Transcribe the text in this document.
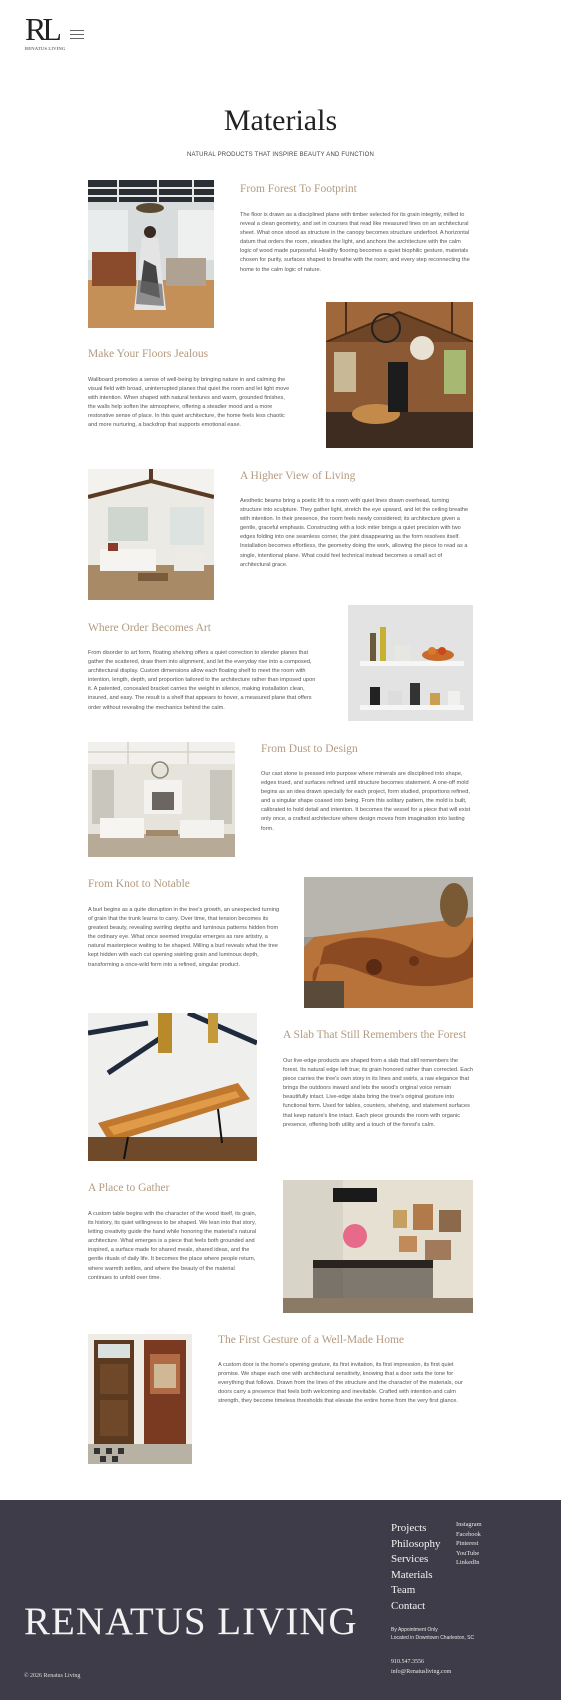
RL
RENATUS LIVING
Materials
NATURAL PRODUCTS THAT INSPIRE BEAUTY AND FUNCTION
From Forest To Footprint

The floor is drawn as a disciplined plane with timber selected for its grain integrity, milled to reveal a clean geometry, and set in courses that read like measured lines on an architectural sheet. What once stood as structure in the canopy becomes structure underfoot. A horizontal datum that orders the room, steadies the light, and anchors the architecture with the calm logic of wood made purposeful. Healthy flooring becomes a quiet biophilic gesture, materials chosen for purity, surfaces shaped to breathe with the room; and every step reconnecting the home to the calm logic of nature.

Make Your Floors Jealous

Wallboard promotes a sense of well-being by bringing nature in and calming the visual field with broad, uninterrupted planes that quiet the room and let light move with intention. When shaped with natural textures and warm, grounded finishes, the walls help soften the atmosphere, offering a steadier mood and a more restorative sense of place. In this quiet architecture, the home feels less chaotic and more nurturing, a backdrop that supports emotional ease.

A Higher View of Living

Aesthetic beams bring a poetic lift to a room with quiet lines drawn overhead, turning structure into sculpture. They gather light, stretch the eye upward, and let the ceiling breathe with intention. In their presence, the room feels newly considered; its architecture given a gentle, graceful emphasis. Constructing with a lock miter brings a quiet precision with two edges folding into one seamless corner, the joint disappearing as the form resolves itself. Installation becomes effortless, the geometry doing the work, allowing the piece to read as a single, intentional plane. What could feel technical instead becomes a small act of architectural grace.

Where Order Becomes Art

From disorder to art form, floating shelving offers a quiet correction to slender planes that gather the scattered, draw them into alignment, and let the everyday rise into a composed, architectural display. Custom dimensions allow each floating shelf to meet the room with intention, length, depth, and proportion tailored to the architecture rather than imposed upon it. A patented, concealed bracket carries the weight in silence, making installation clean, insured, and easy. The result is a shelf that appears to hover, a measured plane that offers order without revealing the mechanics behind the calm.

From Dust to Design

Our cast stone is pressed into purpose where minerals are disciplined into shape, edges trued, and surfaces refined until structure becomes statement. A one-off mold begins as an idea drawn specially for each project, form studied, proportions refined, and a singular shape coaxed into being. From this solitary pattern, the mold is built, calibrated to hold detail and intention. It becomes the vessel for a piece that will exist only once, a crafted architecture where design moves from imagination into lasting form.

From Knot to Notable

A burl begins as a quite disruption in the tree's growth, an unexpected turning of grain that the trunk learns to carry. Over time, that tension becomes its greatest beauty, revealing swirling depths and luminous patterns hidden from the ordinary eye. What once seemed irregular emerges as rare artistry, a natural masterpiece waiting to be shaped. Milling a burl reveals what the tree kept hidden with each cut opening swirling grain and luminous depth, transforming a once-wild form into a refined, singular product.

A Slab That Still Remembers the Forest

Our live-edge products are shaped from a slab that still remembers the forest. Its natural edge left true; its grain honored rather than corrected. Each piece carries the tree's own story in its lines and swirls, a raw elegance that brings the outdoors inward and lets the wood's original voice remain beautifully intact. Live-edge slabs bring the tree's original gesture into functional form. Used for tables, counters, shelving, and statement surfaces that keep nature's line intact. Each piece grounds the room with organic presence, offering both utility and a touch of the forest's calm.

A Place to Gather

A custom table begins with the character of the wood itself, its grain, its history, its quiet willingness to be shaped. We lean into that story, letting creativity guide the hand while honoring the material's natural architecture. What emerges is a piece that feels both grounded and inspired, a surface made for shared meals, shared ideas, and the gentle rituals of daily life. It becomes the place where people return, where warmth settles, and where the beauty of the material continues to unfold over time.

The First Gesture of a Well-Made Home

A custom door is the home's opening gesture, its first invitation, its first impression, its first quiet promise. We shape each one with architectural sensitivity, knowing that a door sets the tone for everything that follows. Drawn from the lines of the structure and the character of the materials, our doors carry a presence that feels both welcoming and inevitable. Crafted with intention and calm strength, they become timeless thresholds that elevate the entire home from the very first glance.

Projects
Philosophy
Services
Materials
Team
Contact
Instagram
Facebook
Pinterest
YouTube
LinkedIn
RENATUS LIVING	By Appointment Only
Located in Downtown Charleston, SC
910.547.3556
info@Renatusliving.com
© 2026 Renatus Living
